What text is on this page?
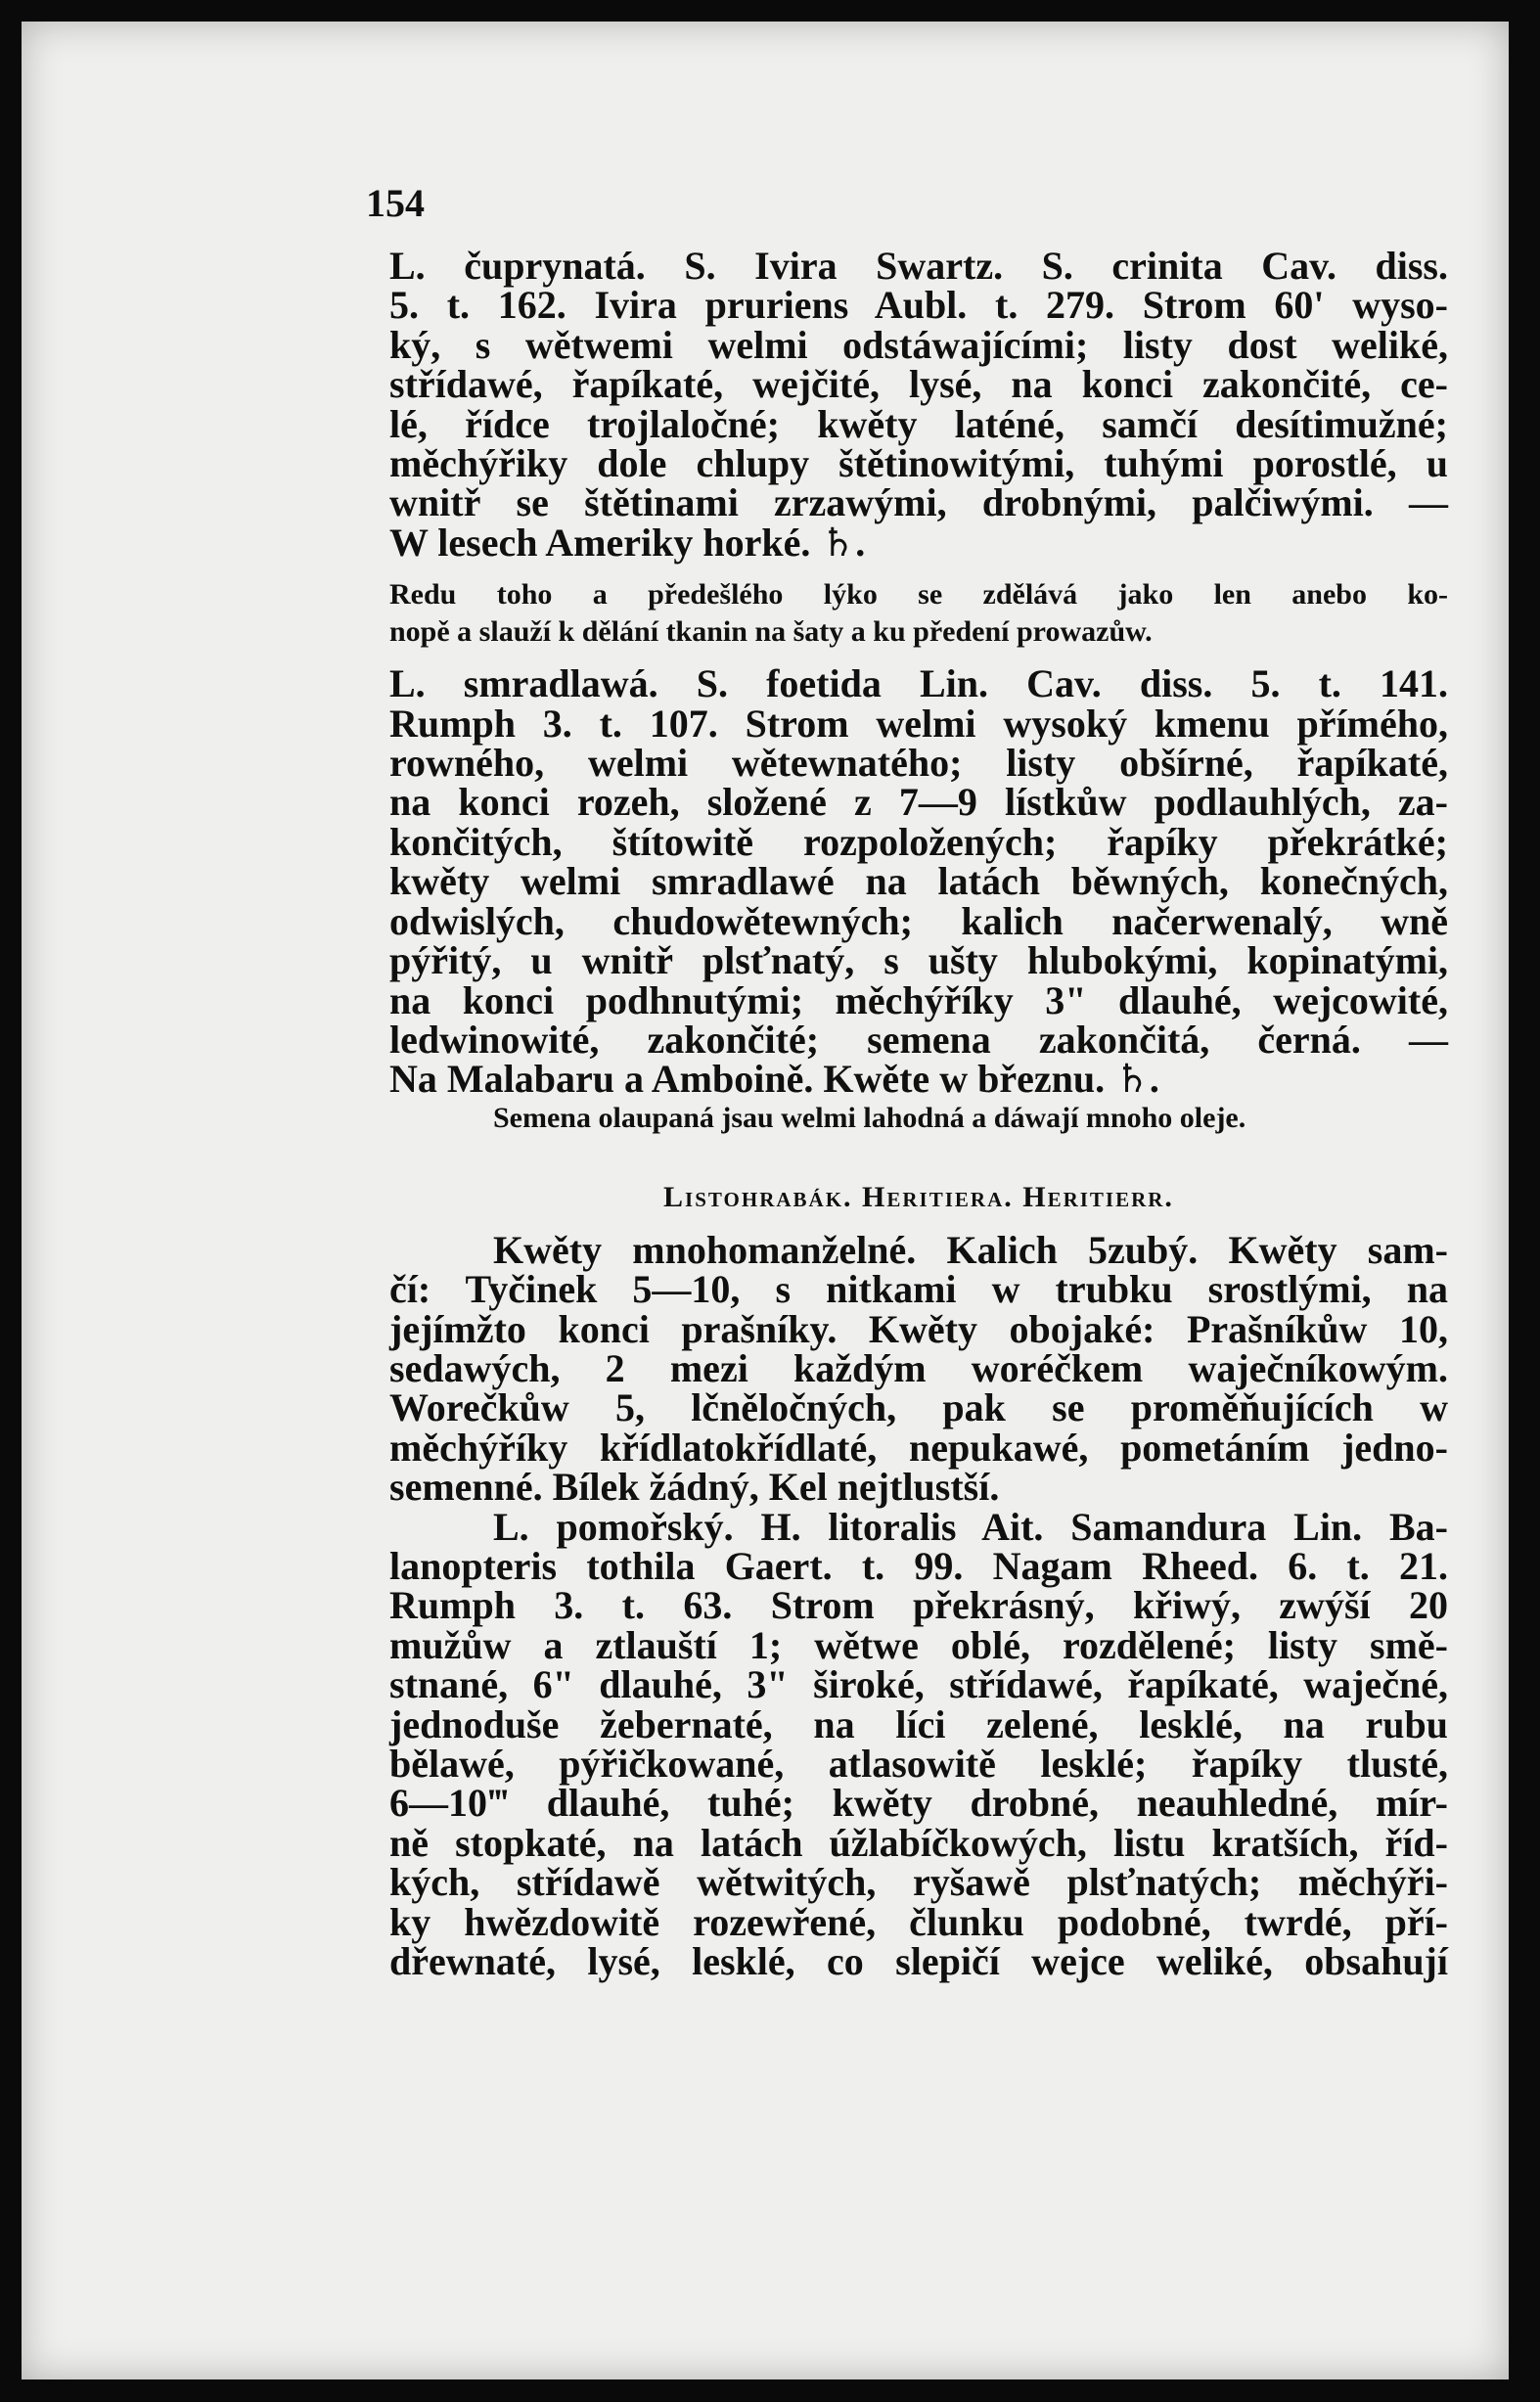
154
L. čuprynatá. S. Ivira Swartz. S. crinita Cav. diss.
5. t. 162. Ivira pruriens Aubl. t. 279. Strom 60' wyso-
ký, s wětwemi welmi odstáwajícími; listy dost weliké,
střídawé, řapíkaté, wejčité, lysé, na konci zakončité, ce-
lé, řídce trojlaločné; kwěty laténé, samčí desítimužné;
měchýřiky dole chlupy štětinowitými, tuhými porostlé, u
wnitř se štětinami zrzawými, drobnými, palčiwými. —
W lesech Ameriky horké. ♄.
Redu toho a předešlého lýko se zdělává jako len anebo ko-
nopě a slauží k dělání tkanin na šaty a ku předení prowazůw.
L. smradlawá. S. foetida Lin. Cav. diss. 5. t. 141.
Rumph 3. t. 107. Strom welmi wysoký kmenu přímého,
rowného, welmi wětewnatého; listy obšírné, řapíkaté,
na konci rozeh, složené z 7—9 lístkůw podlauhlých, za-
končitých, štítowitě rozpoložených; řapíky překrátké;
kwěty welmi smradlawé na latách běwných, konečných,
odwislých, chudowětewných; kalich načerwenalý, wně
pýřitý, u wnitř plsťnatý, s ušty hlubokými, kopinatými,
na konci podhnutými; měchýříky 3" dlauhé, wejcowité,
ledwinowité, zakončité; semena zakončitá, černá. —
Na Malabaru a Amboině. Kwěte w březnu. ♄.
Semena olaupaná jsau welmi lahodná a dáwají mnoho oleje.
Listohrabák. Heritiera. Heritierr.
Kwěty mnohomanželné. Kalich 5zubý. Kwěty sam-
čí: Tyčinek 5—10, s nitkami w trubku srostlými, na
jejímžto konci prašníky. Kwěty obojaké: Prašníkůw 10,
sedawých, 2 mezi každým woréčkem waječníkowým.
Worečkůw 5, lčněločných, pak se proměňujících w
měchýříky křídlatokřídlaté, nepukawé, pometáním jedno-
semenné. Bílek žádný, Kel nejtlustší.
L. pomořský. H. litoralis Ait. Samandura Lin. Ba-
lanopteris tothila Gaert. t. 99. Nagam Rheed. 6. t. 21.
Rumph 3. t. 63. Strom překrásný, křiwý, zwýší 20
mužůw a ztlauští 1; wětwe oblé, rozdělené; listy smě-
stnané, 6" dlauhé, 3" široké, střídawé, řapíkaté, waječné,
jednoduše žebernaté, na líci zelené, lesklé, na rubu
bělawé, pýřičkowané, atlasowitě lesklé; řapíky tlusté,
6—10‴ dlauhé, tuhé; kwěty drobné, neauhledné, mír-
ně stopkaté, na latách úžlabíčkowých, listu kratších, říd-
kých, střídawě wětwitých, ryšawě plsťnatých; měchýři-
ky hwězdowitě rozewřené, člunku podobné, twrdé, pří-
dřewnaté, lysé, lesklé, co slepičí wejce weliké, obsahují
